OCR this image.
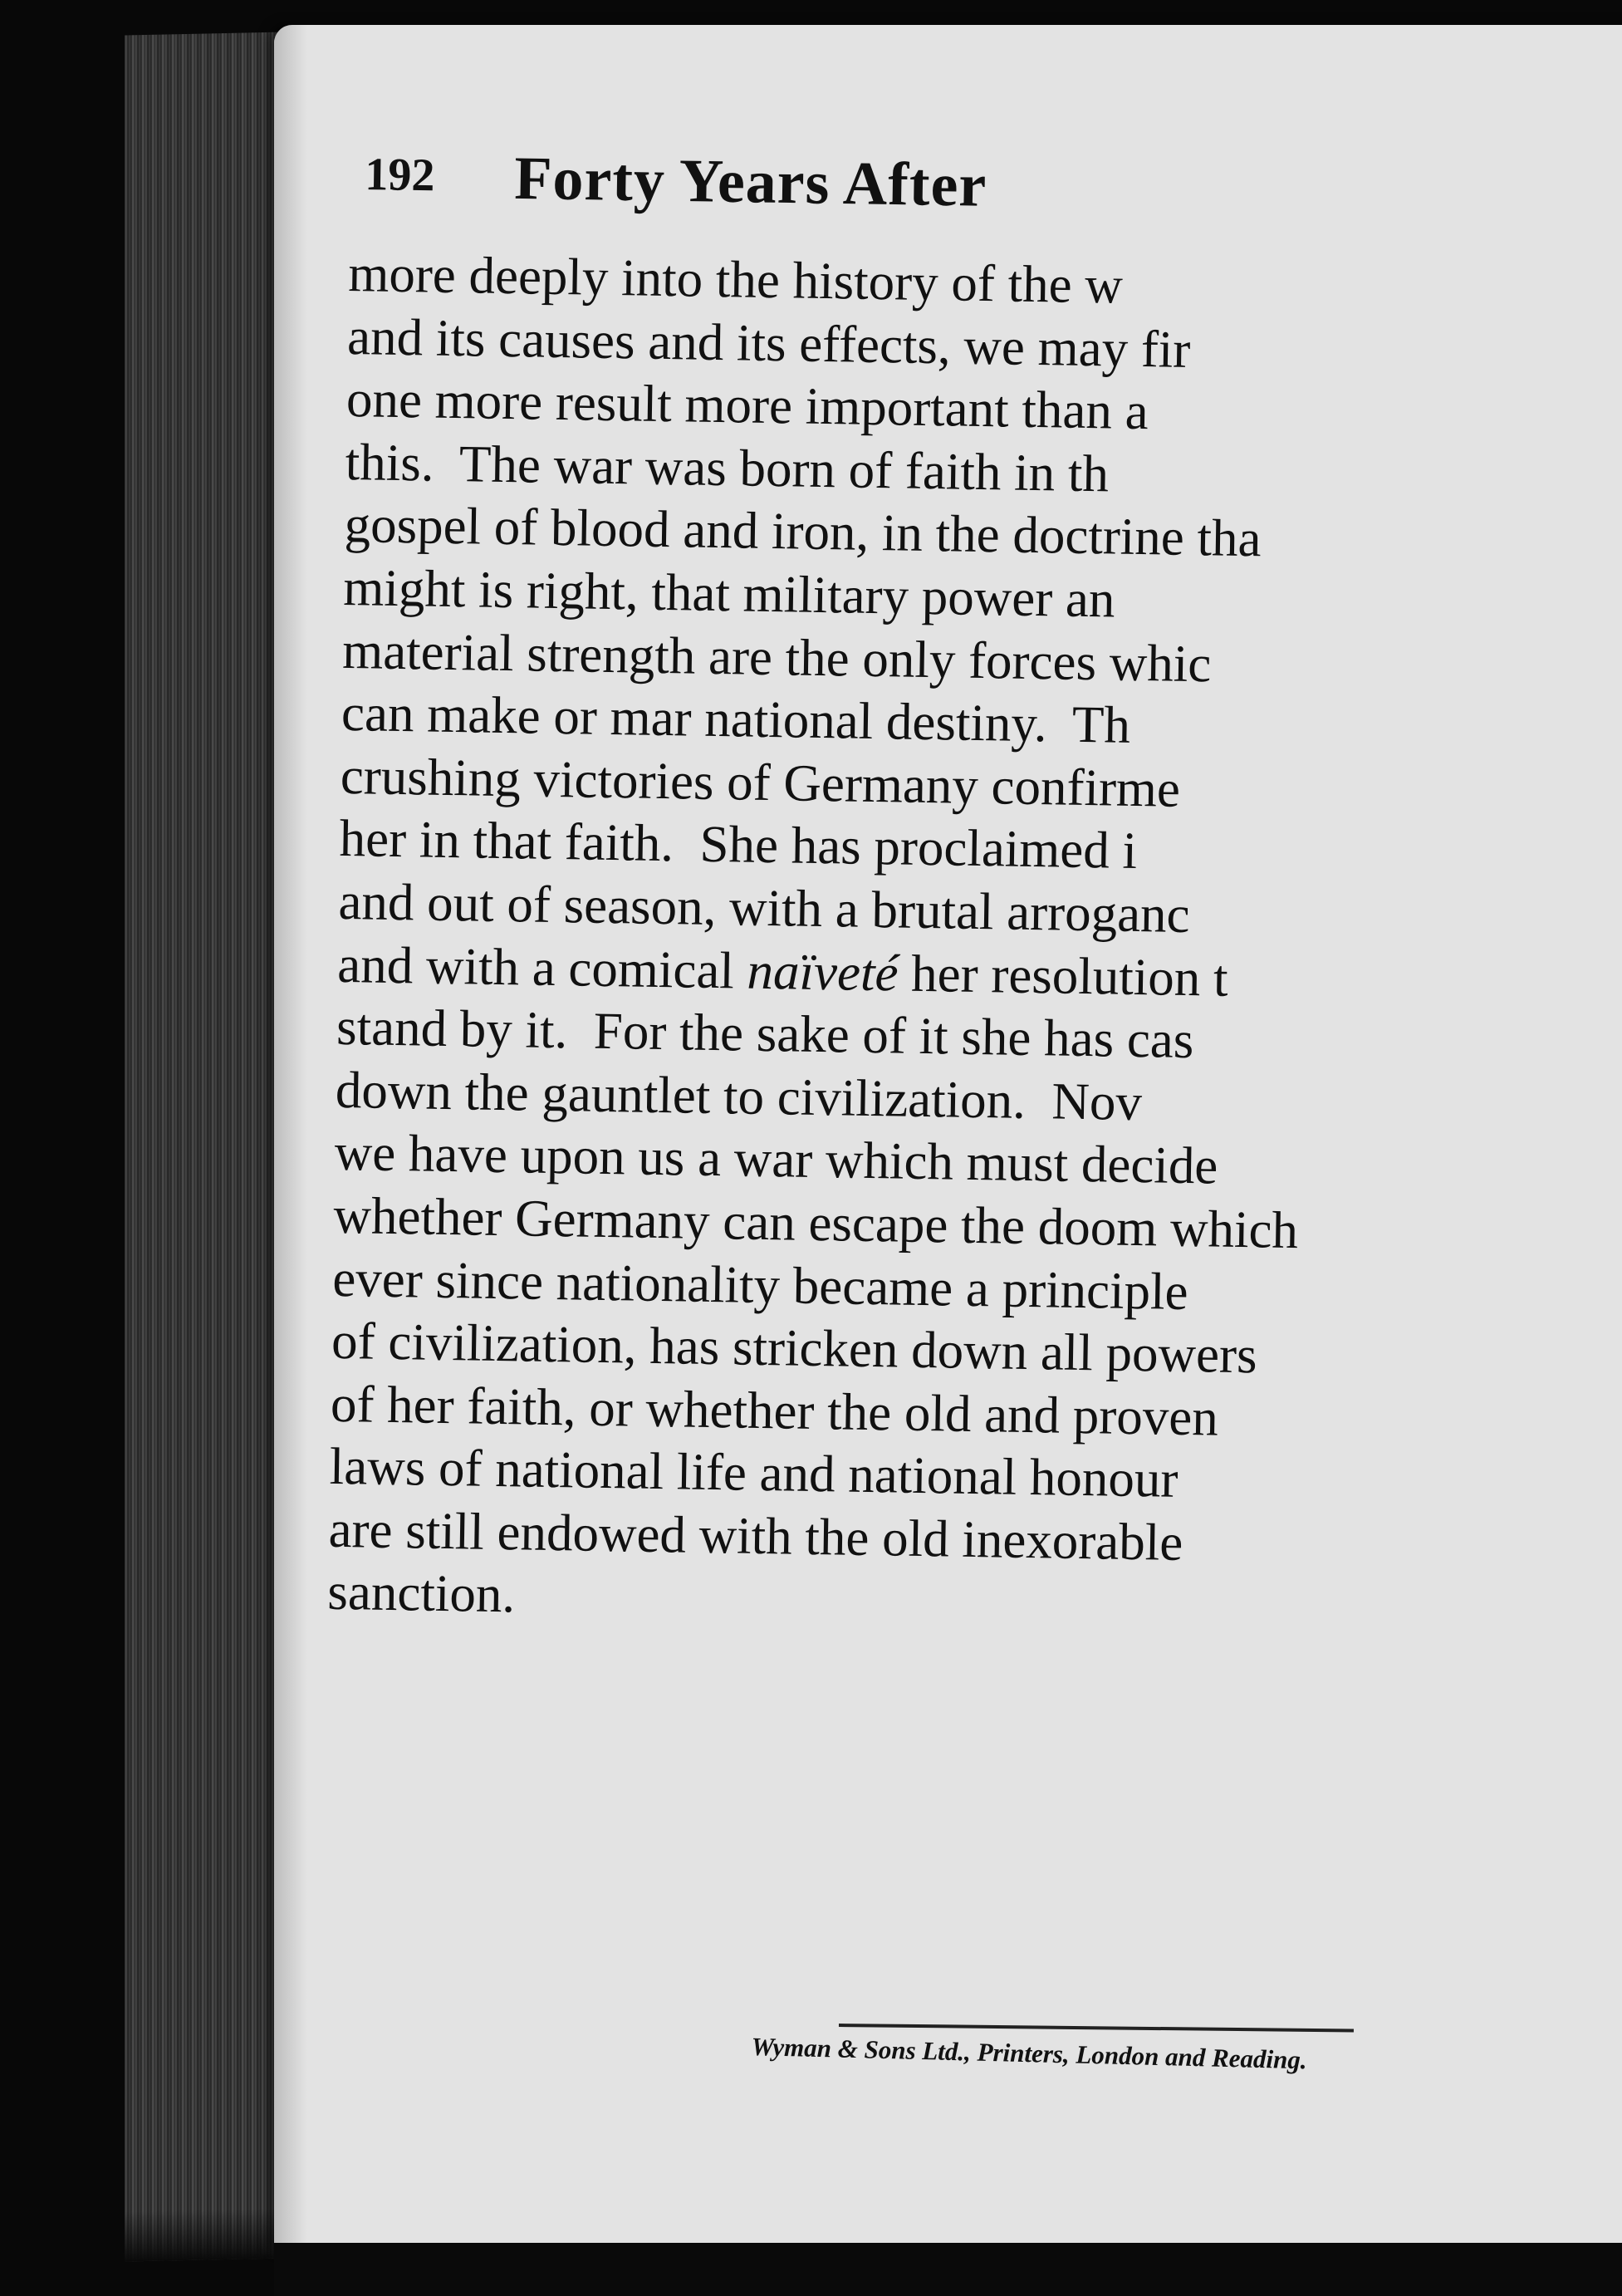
192 Forty Years After
more deeply into the history of the w
and its causes and its effects, we may fir
one more result more important than a
this.  The war was born of faith in th
gospel of blood and iron, in the doctrine tha
might is right, that military power an
material strength are the only forces whic
can make or mar national destiny.  Th
crushing victories of Germany confirme
her in that faith.  She has proclaimed i
and out of season, with a brutal arroganc
and with a comical naïveté her resolution t
stand by it.  For the sake of it she has cas
down the gauntlet to civilization.  Nov
we have upon us a war which must decide
whether Germany can escape the doom which
ever since nationality became a principle
of civilization, has stricken down all powers
of her faith, or whether the old and proven
laws of national life and national honour
are still endowed with the old inexorable
sanction.
Wyman & Sons Ltd., Printers, London and Reading.
